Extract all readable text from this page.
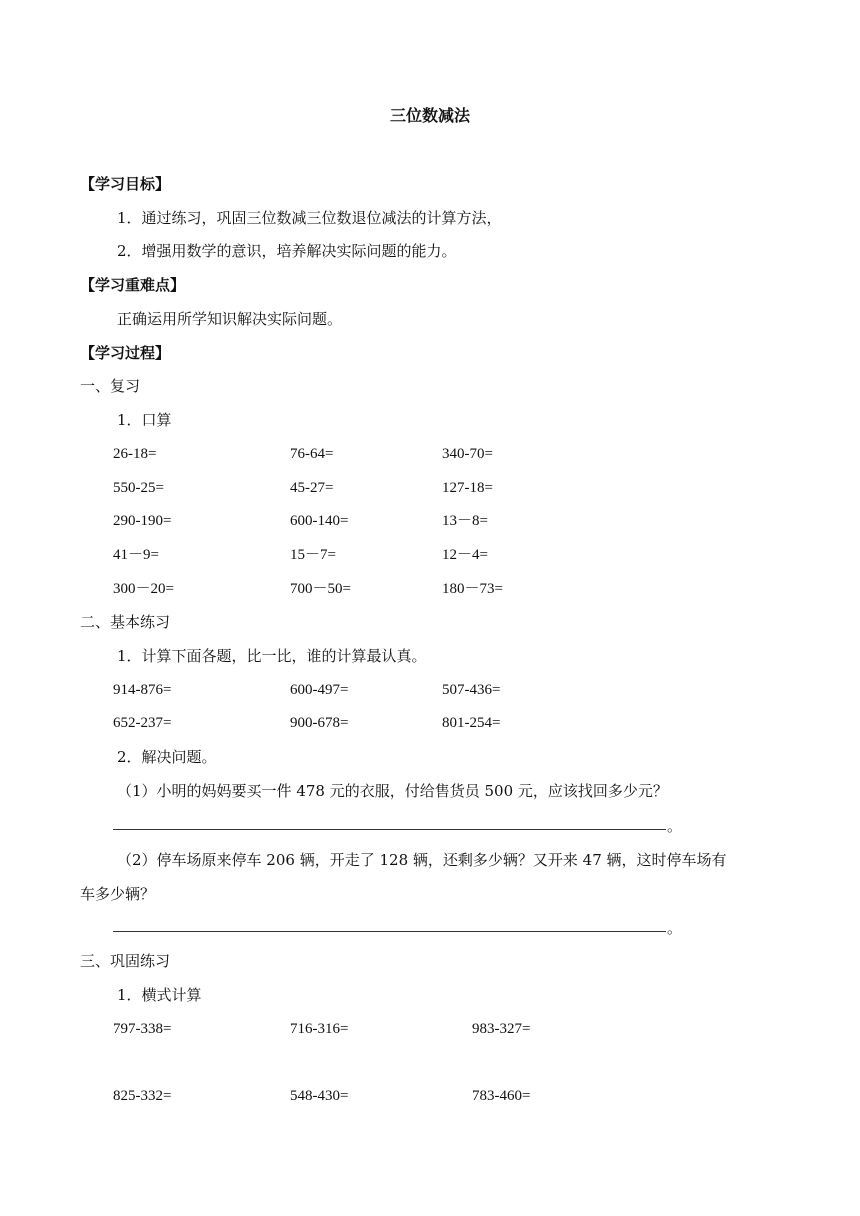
三位数减法
【学习目标】
1．通过练习，巩固三位数减三位数退位减法的计算方法，
2．增强用数学的意识，培养解决实际问题的能力。
【学习重难点】
正确运用所学知识解决实际问题。
【学习过程】
一、复习
1．口算
26-18=	76-64=	340-70=
550-25=	45-27=	127-18=
290-190=	600-140=	13－8=
41－9=	15－7=	12－4=
300－20=	700－50=	180－73=
二、基本练习
1．计算下面各题，比一比，谁的计算最认真。
914-876=	600-497=	507-436=
652-237=	900-678=	801-254=
2．解决问题。
（1）小明的妈妈要买一件 478 元的衣服，付给售货员 500 元，应该找回多少元？
。
（2）停车场原来停车 206 辆，开走了 128 辆，还剩多少辆？又开来 47 辆，这时停车场有
车多少辆？
。
三、巩固练习
1．横式计算
797-338=	716-316=	983-327=
825-332=	548-430=	783-460=
